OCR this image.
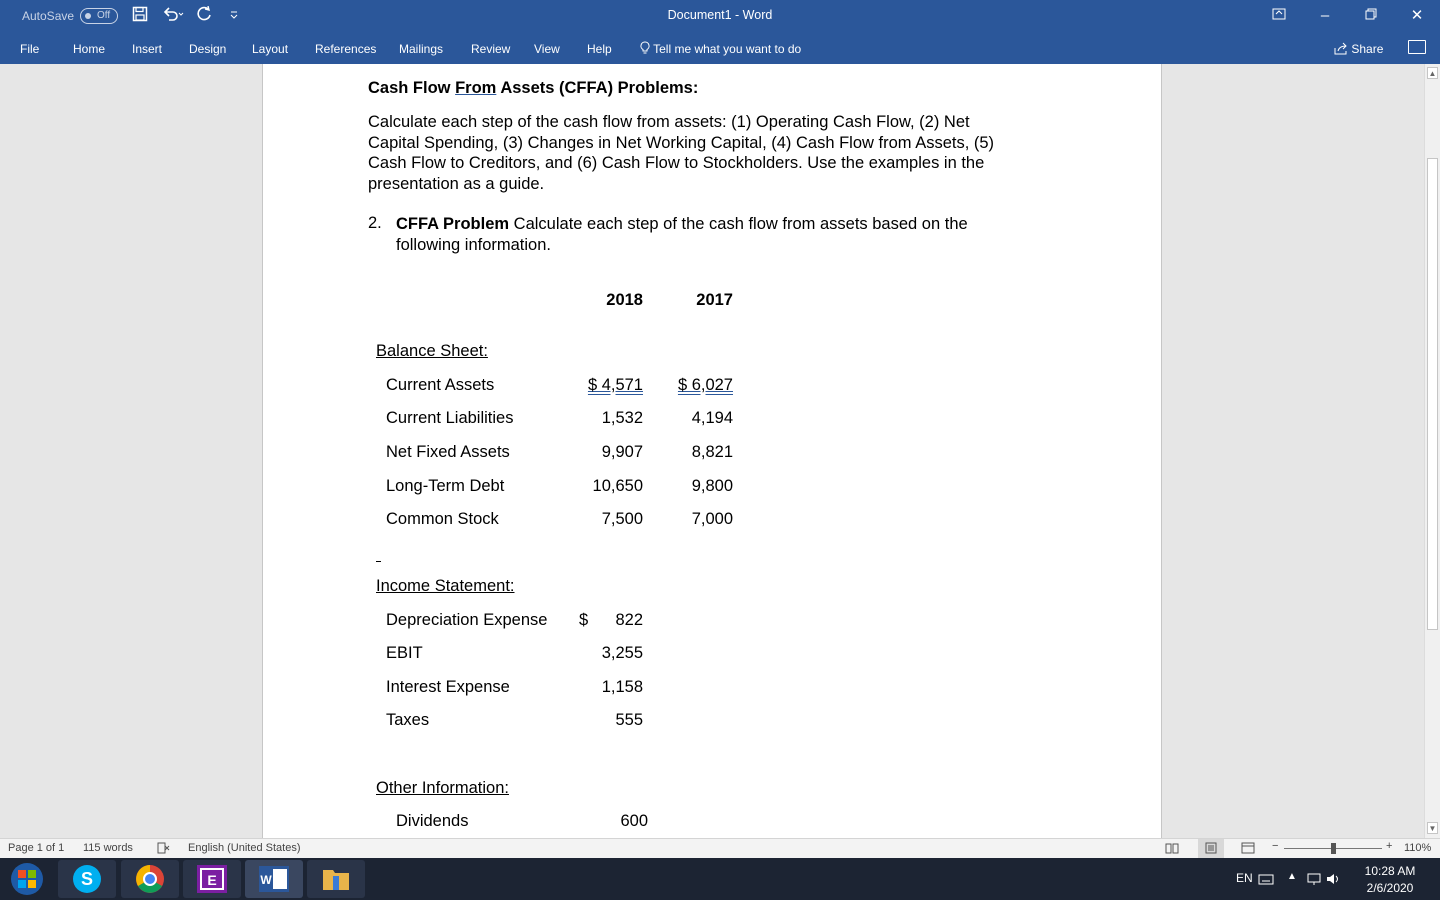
AutoSave	Off	Document1 - Word	–	✕
File	Home Insert Design Layout References Mailings Review View Help	Tell me what you want to do	Share
Cash Flow From Assets (CFFA) Problems:
Calculate each step of the cash flow from assets: (1) Operating Cash Flow, (2) Net
Capital Spending, (3) Changes in Net Working Capital, (4) Cash Flow from Assets, (5)
Cash Flow to Creditors, and (6) Cash Flow to Stockholders. Use the examples in the
presentation as a guide.
2. CFFA Problem Calculate each step of the cash flow from assets based on the
following information.
2018	2017
Balance Sheet:
Current Assets	$ 4,571	$ 6,027
Current Liabilities	1,532	4,194
Net Fixed Assets	9,907	8,821
Long-Term Debt	10,650	9,800
Common Stock	7,500	7,000
Income Statement:
Depreciation Expense $	822
EBIT	3,255
Interest Expense	1,158
Taxes	555
Other Information:
Dividends	600
▲
▼
Page 1 of 1 115 words	English (United States)	−	+ 110%
S	E	W	EN	▲	10:28 AM
2/6/2020
